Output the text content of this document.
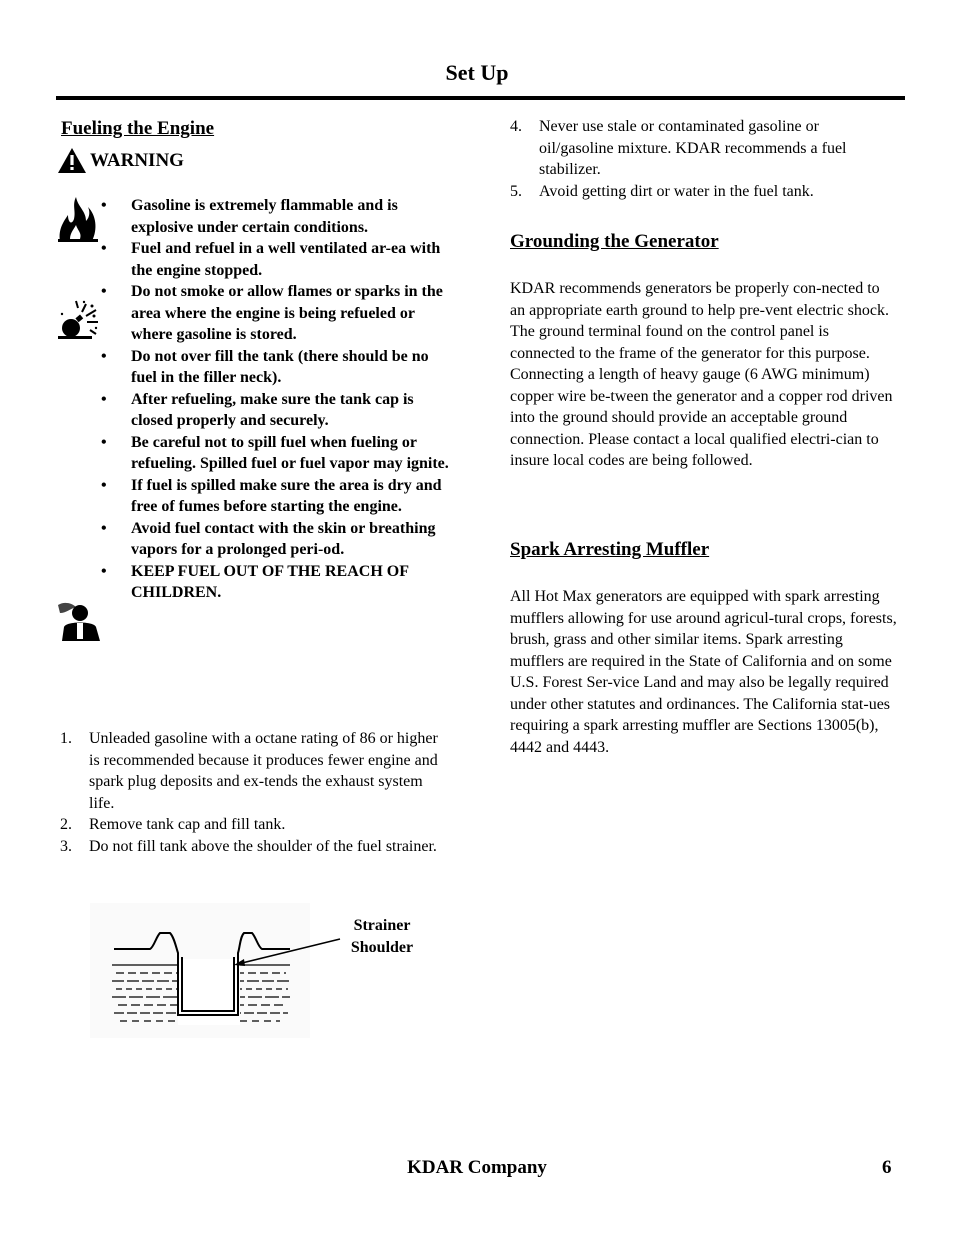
Set Up
Fueling the Engine
WARNING
• Gasoline is extremely flammable and is explosive under certain conditions.
• Fuel and refuel in a well ventilated ar-ea with the engine stopped.
• Do not smoke or allow flames or sparks in the area where the engine is being refueled or where gasoline is stored.
• Do not over fill the tank (there should be no fuel in the filler neck).
• After refueling, make sure the tank cap is closed properly and securely.
• Be careful not to spill fuel when fueling or refueling. Spilled fuel or fuel vapor may ignite.
• If fuel is spilled make sure the area is dry and free of fumes before starting the engine.
• Avoid fuel contact with the skin or breathing vapors for a prolonged peri-od.
• KEEP FUEL OUT OF THE REACH OF CHILDREN.
1. Unleaded gasoline with a octane rating of 86 or higher is recommended because it produces fewer engine and spark plug deposits and ex-tends the exhaust system life.
2. Remove tank cap and fill tank.
3. Do not fill tank above the shoulder of the fuel strainer.
Strainer
Shoulder
4. Never use stale or contaminated gasoline or oil/gasoline mixture. KDAR recommends a fuel stabilizer.
5. Avoid getting dirt or water in the fuel tank.
Grounding the Generator

KDAR recommends generators be properly con-nected to an appropriate earth ground to help pre-vent electric shock. The ground terminal found on the control panel is connected to the frame of the generator for this purpose. Connecting a length of heavy gauge (6 AWG minimum) copper wire be-tween the generator and a copper rod driven into the ground should provide an acceptable ground connection. Please contact a local qualified electri-cian to insure local codes are being followed.

Spark Arresting Muffler

All Hot Max generators are equipped with spark arresting mufflers allowing for use around agricul-tural crops, forests, brush, grass and other similar items. Spark arresting mufflers are required in the State of California and on some U.S. Forest Ser-vice Land and may also be legally required under other statutes and ordinances. The California stat-ues requiring a spark arresting muffler are Sections 13005(b), 4442 and 4443.

KDAR Company	6
